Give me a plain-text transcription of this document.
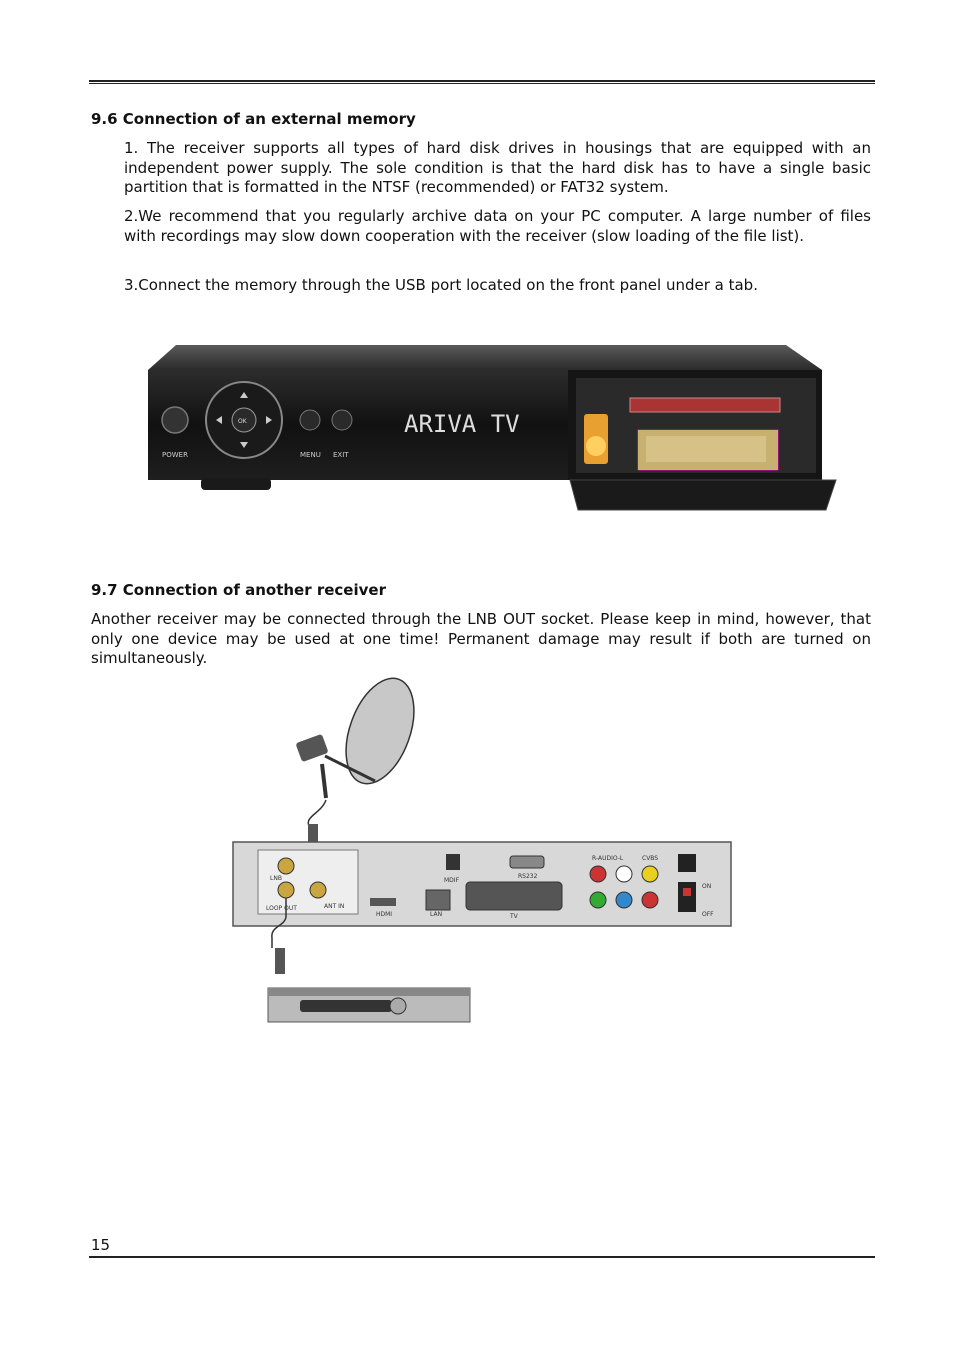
9.6 Connection of an external memory

1. The receiver supports all types of hard disk drives in housings that are equipped with an independent power supply. The sole condition is that the hard disk has to have a single basic partition that is formatted in the NTSF (recommended) or FAT32 system.

2.We recommend that you regularly archive data on your PC computer. A large number of files with recordings may slow down cooperation with the receiver (slow loading of the file list).

3.Connect the memory through the USB port located on the front panel under a tab.

POWER
OK
MENU EXIT
ARIVA TV
9.7 Connection of another receiver

Another receiver may be connected through the LNB OUT socket. Please keep in mind, however, that only one device may be used at one time! Permanent damage may result if both are turned on simultaneously.

LNB
LOOP OUT	ANT IN
MDIF
RS232
HDMI	LAN	TV
R-AUDIO-L	CVBS
ON
OFF
15
